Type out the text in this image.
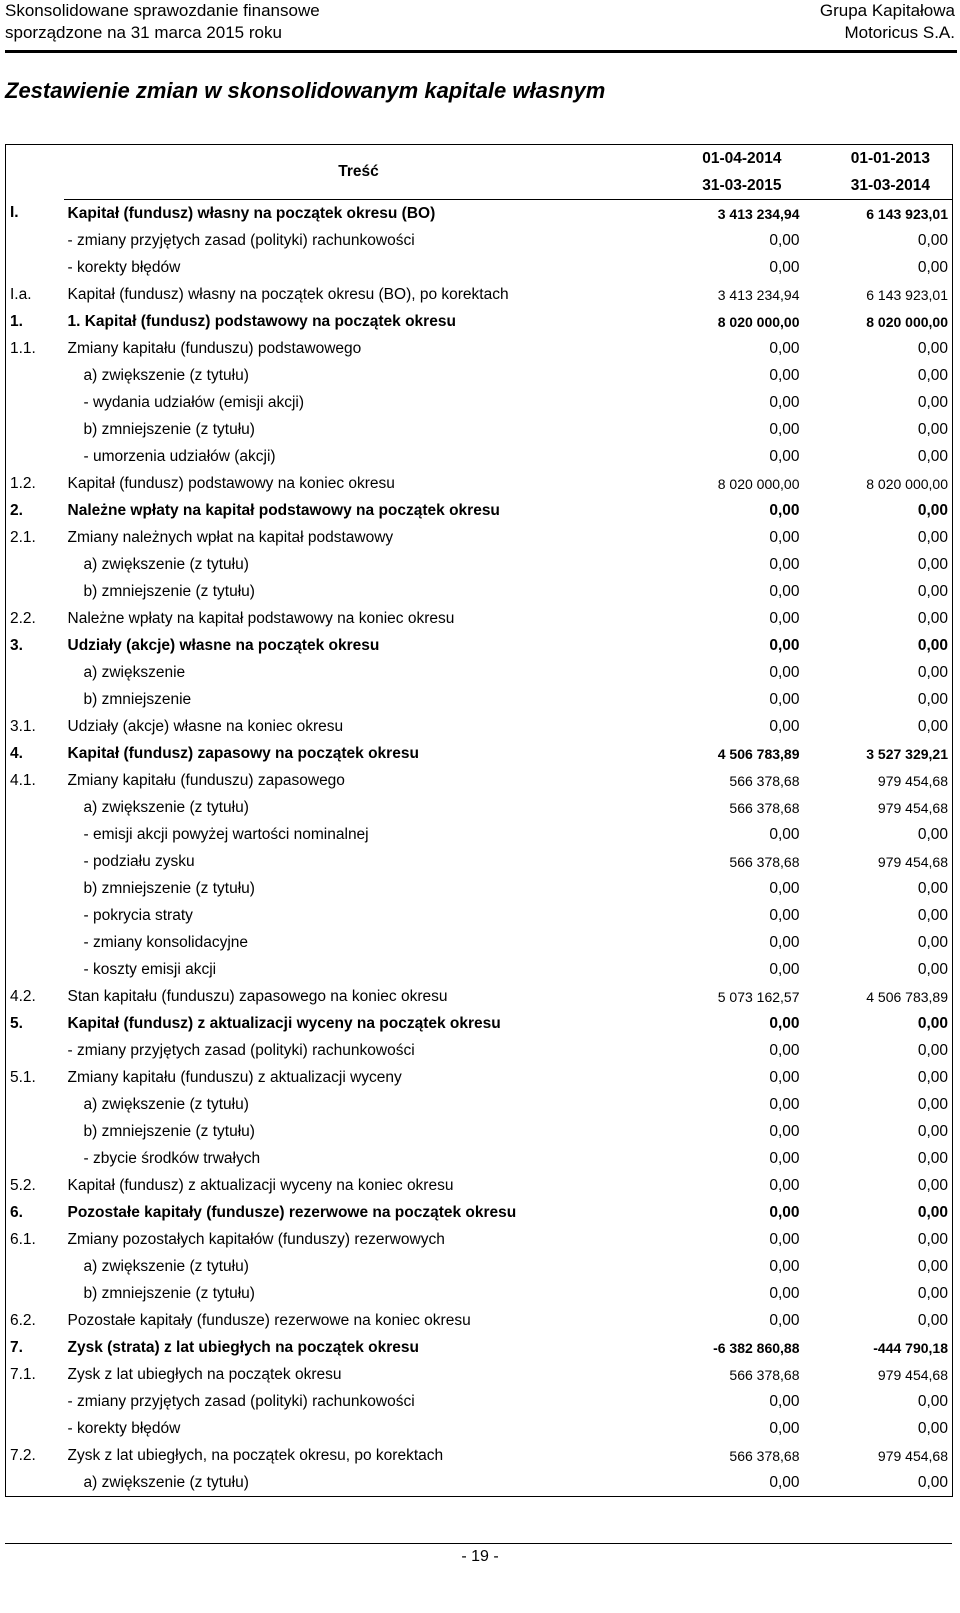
Skonsolidowane sprawozdanie finansowe
sporządzone na 31 marca 2015 roku
Grupa Kapitałowa
Motoricus S.A.
Zestawienie zmian w skonsolidowanym kapitale własnym
	Treść	01-04-2014	01-01-2013
		31-03-2015	31-03-2014
I.	Kapitał (fundusz) własny na początek okresu (BO)	3 413 234,94	6 143 923,01
	- zmiany przyjętych zasad (polityki) rachunkowości	0,00	0,00
	- korekty błędów	0,00	0,00
I.a.	Kapitał (fundusz) własny na początek okresu (BO), po korektach	3 413 234,94	6 143 923,01
1.	1. Kapitał (fundusz) podstawowy na początek okresu	8 020 000,00	8 020 000,00
1.1.	Zmiany kapitału (funduszu) podstawowego	0,00	0,00
	a) zwiększenie (z tytułu)	0,00	0,00
	- wydania udziałów (emisji akcji)	0,00	0,00
	b) zmniejszenie (z tytułu)	0,00	0,00
	- umorzenia udziałów (akcji)	0,00	0,00
1.2.	Kapitał (fundusz) podstawowy na koniec okresu	8 020 000,00	8 020 000,00
2.	Należne wpłaty na kapitał podstawowy na początek okresu	0,00	0,00
2.1.	Zmiany należnych wpłat na kapitał podstawowy	0,00	0,00
	a) zwiększenie (z tytułu)	0,00	0,00
	b) zmniejszenie (z tytułu)	0,00	0,00
2.2.	Należne wpłaty na kapitał podstawowy na koniec okresu	0,00	0,00
3.	Udziały (akcje) własne na początek okresu	0,00	0,00
	a) zwiększenie	0,00	0,00
	b) zmniejszenie	0,00	0,00
3.1.	Udziały (akcje) własne na koniec okresu	0,00	0,00
4.	Kapitał (fundusz) zapasowy na początek okresu	4 506 783,89	3 527 329,21
4.1.	Zmiany kapitału (funduszu) zapasowego	566 378,68	979 454,68
	a) zwiększenie (z tytułu)	566 378,68	979 454,68
	- emisji akcji powyżej wartości nominalnej	0,00	0,00
	- podziału zysku	566 378,68	979 454,68
	b) zmniejszenie (z tytułu)	0,00	0,00
	- pokrycia straty	0,00	0,00
	- zmiany konsolidacyjne	0,00	0,00
	- koszty emisji akcji	0,00	0,00
4.2.	Stan kapitału (funduszu) zapasowego na koniec okresu	5 073 162,57	4 506 783,89
5.	Kapitał (fundusz) z aktualizacji wyceny na początek okresu	0,00	0,00
	- zmiany przyjętych zasad (polityki) rachunkowości	0,00	0,00
5.1.	Zmiany kapitału (funduszu) z aktualizacji wyceny	0,00	0,00
	a) zwiększenie (z tytułu)	0,00	0,00
	b) zmniejszenie (z tytułu)	0,00	0,00
	- zbycie środków trwałych	0,00	0,00
5.2.	Kapitał (fundusz) z aktualizacji wyceny na koniec okresu	0,00	0,00
6.	Pozostałe kapitały (fundusze) rezerwowe na początek okresu	0,00	0,00
6.1.	Zmiany pozostałych kapitałów (funduszy) rezerwowych	0,00	0,00
	a) zwiększenie (z tytułu)	0,00	0,00
	b) zmniejszenie (z tytułu)	0,00	0,00
6.2.	Pozostałe kapitały (fundusze) rezerwowe na koniec okresu	0,00	0,00
7.	Zysk (strata) z lat ubiegłych na początek okresu	-6 382 860,88	-444 790,18
7.1.	Zysk z lat ubiegłych na początek okresu	566 378,68	979 454,68
	- zmiany przyjętych zasad (polityki) rachunkowości	0,00	0,00
	- korekty błędów	0,00	0,00
7.2.	Zysk z lat ubiegłych, na początek okresu, po korektach	566 378,68	979 454,68
	a) zwiększenie (z tytułu)	0,00	0,00
- 19 -
